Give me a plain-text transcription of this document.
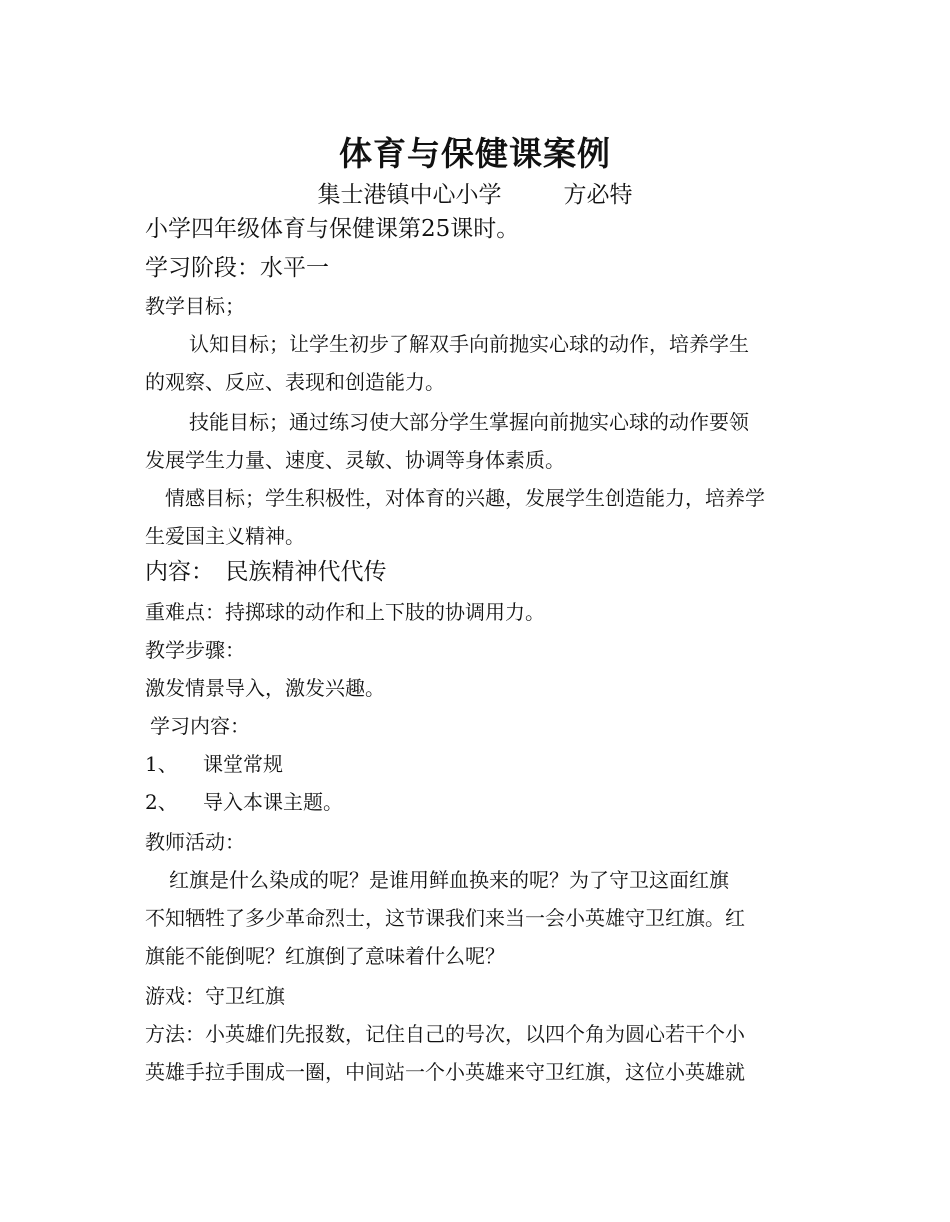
体育与保健课案例
集士港镇中心小学	方必特
小学四年级体育与保健课第25课时。
学习阶段：水平一
教学目标；
认知目标；让学生初步了解双手向前抛实心球的动作，培养学生
的观察、反应、表现和创造能力。
技能目标；通过练习使大部分学生掌握向前抛实心球的动作要领
发展学生力量、速度、灵敏、协调等身体素质。
情感目标；学生积极性，对体育的兴趣，发展学生创造能力，培养学
生爱国主义精神。
内容：　民族精神代代传
重难点：持掷球的动作和上下肢的协调用力。
教学步骤：
激发情景导入，激发兴趣。
学习内容：
1、 课堂常规
2、 导入本课主题。
教师活动：
红旗是什么染成的呢？是谁用鲜血换来的呢？为了守卫这面红旗
不知牺牲了多少革命烈士，这节课我们来当一会小英雄守卫红旗。红
旗能不能倒呢？红旗倒了意味着什么呢？
游戏：守卫红旗
方法：小英雄们先报数，记住自己的号次，以四个角为圆心若干个小
英雄手拉手围成一圈，中间站一个小英雄来守卫红旗，这位小英雄就
